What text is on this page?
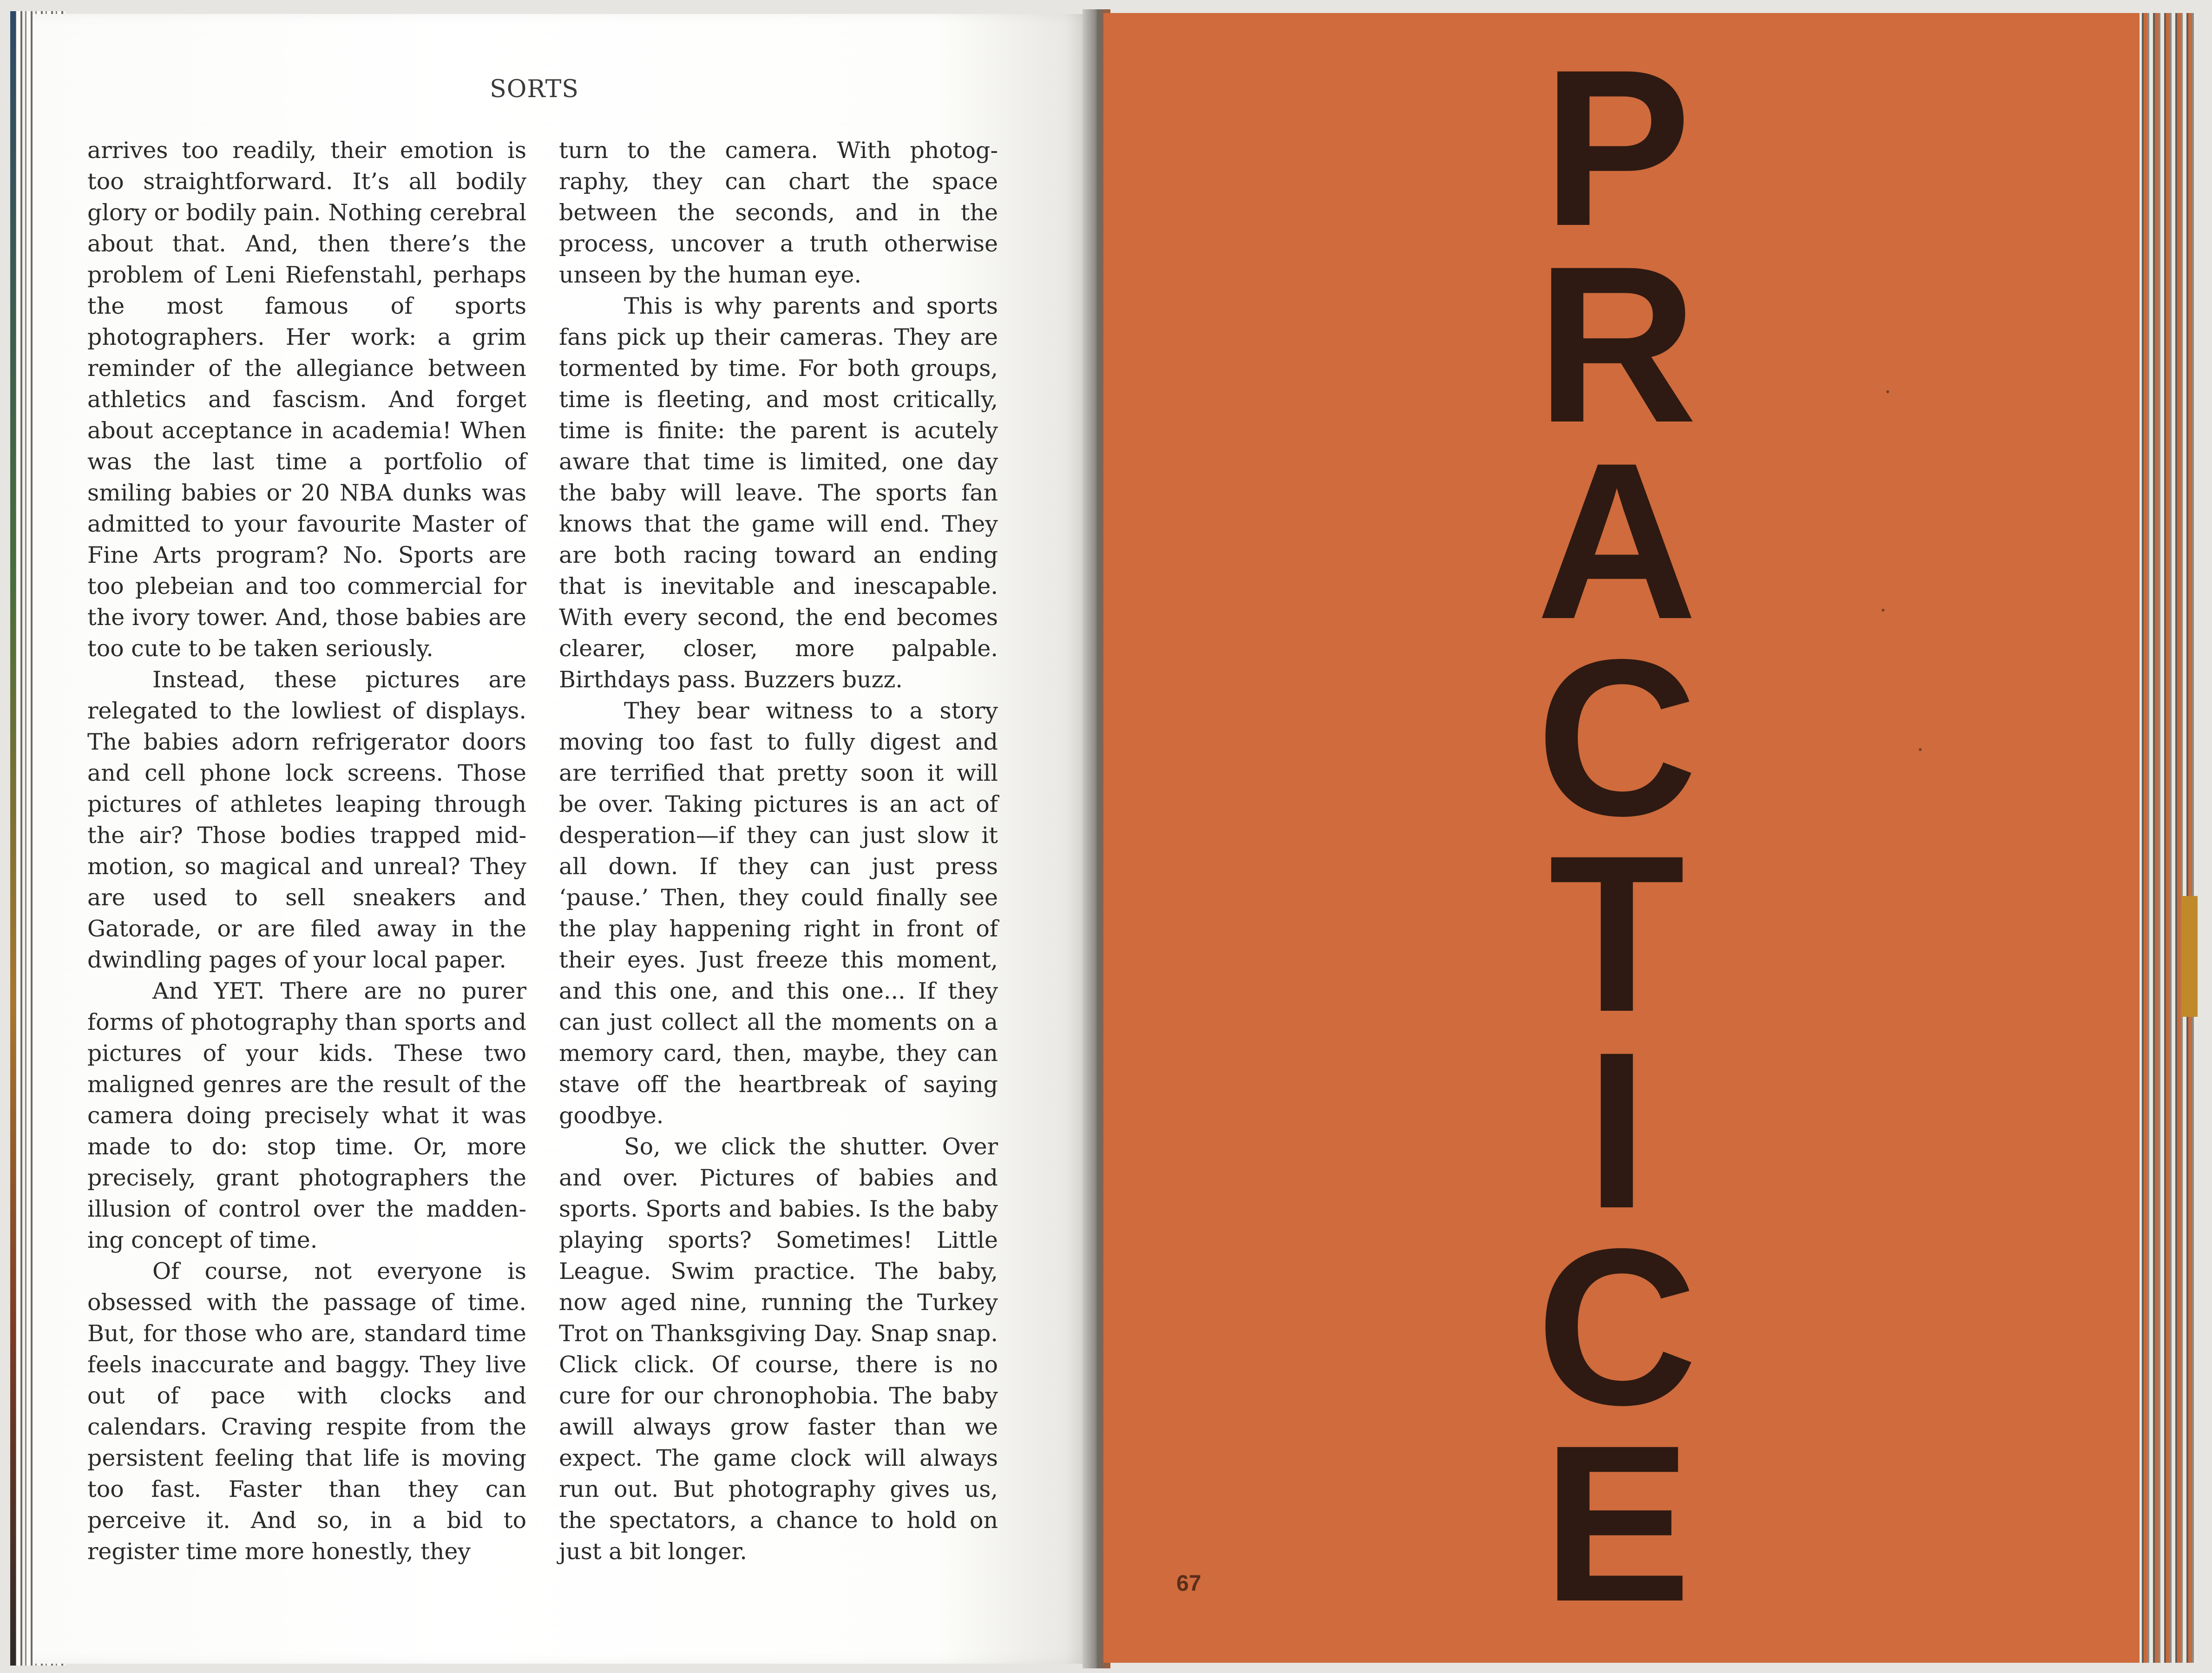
SORTS

arrives too readily, their emotion is too straightforward. It’s all bodily glory or bodily pain. Nothing cerebral about that. And, then there’s the problem of Leni Riefenstahl, perhaps the most famous of sports photographers. Her work: a grim reminder of the allegiance between athletics and fascism. And forget about acceptance in academia! When was the last time a portfolio of smiling babies or 20 NBA dunks was admitted to your favourite Master of Fine Arts program? No. Sports are too plebeian and too commercial for the ivory tower. And, those babies are too cute to be taken seriously.

Instead, these pictures are relegated to the lowliest of displays. The babies adorn refrigerator doors and cell phone lock screens. Those pictures of athletes leaping through the air? Those bodies trapped mid-motion, so magical and unreal? They are used to sell sneakers and Gatorade, or are filed away in the dwindling pages of your local paper.

And YET. There are no purer forms of photography than sports and pictures of your kids. These two maligned genres are the result of the camera doing precisely what it was made to do: stop time. Or, more precisely, grant photographers the illusion of control over the maddening concept of time.

Of course, not everyone is obsessed with the passage of time. But, for those who are, standard time feels inaccurate and baggy. They live out of pace with clocks and calendars. Craving respite from the persistent feeling that life is moving too fast. Faster than they can perceive it. And so, in a bid to register time more honestly, they

turn to the camera. With photography, they can chart the space between the seconds, and in the process, uncover a truth otherwise unseen by the human eye.

This is why parents and sports fans pick up their cameras. They are tormented by time. For both groups, time is fleeting, and most critically, time is finite: the parent is acutely aware that time is limited, one day the baby will leave. The sports fan knows that the game will end. They are both racing toward an ending that is inevitable and inescapable. With every second, the end becomes clearer, closer, more palpable. Birthdays pass. Buzzers buzz.

They bear witness to a story moving too fast to fully digest and are terrified that pretty soon it will be over. Taking pictures is an act of desperation—if they can just slow it all down. If they can just press ‘pause.’ Then, they could finally see the play happening right in front of their eyes. Just freeze this moment, and this one, and this one... If they can just collect all the moments on a memory card, then, maybe, they can stave off the heartbreak of saying goodbye.

So, we click the shutter. Over and over. Pictures of babies and sports. Sports and babies. Is the baby playing sports? Sometimes! Little League. Swim practice. The baby, now aged nine, running the Turkey Trot on Thanksgiving Day. Snap snap. Click click. Of course, there is no cure for our chronophobia. The baby awill always grow faster than we expect. The game clock will always run out. But photography gives us, the spectators, a chance to hold on just a bit longer.

P
R
A
C
T
I
C
E
67
